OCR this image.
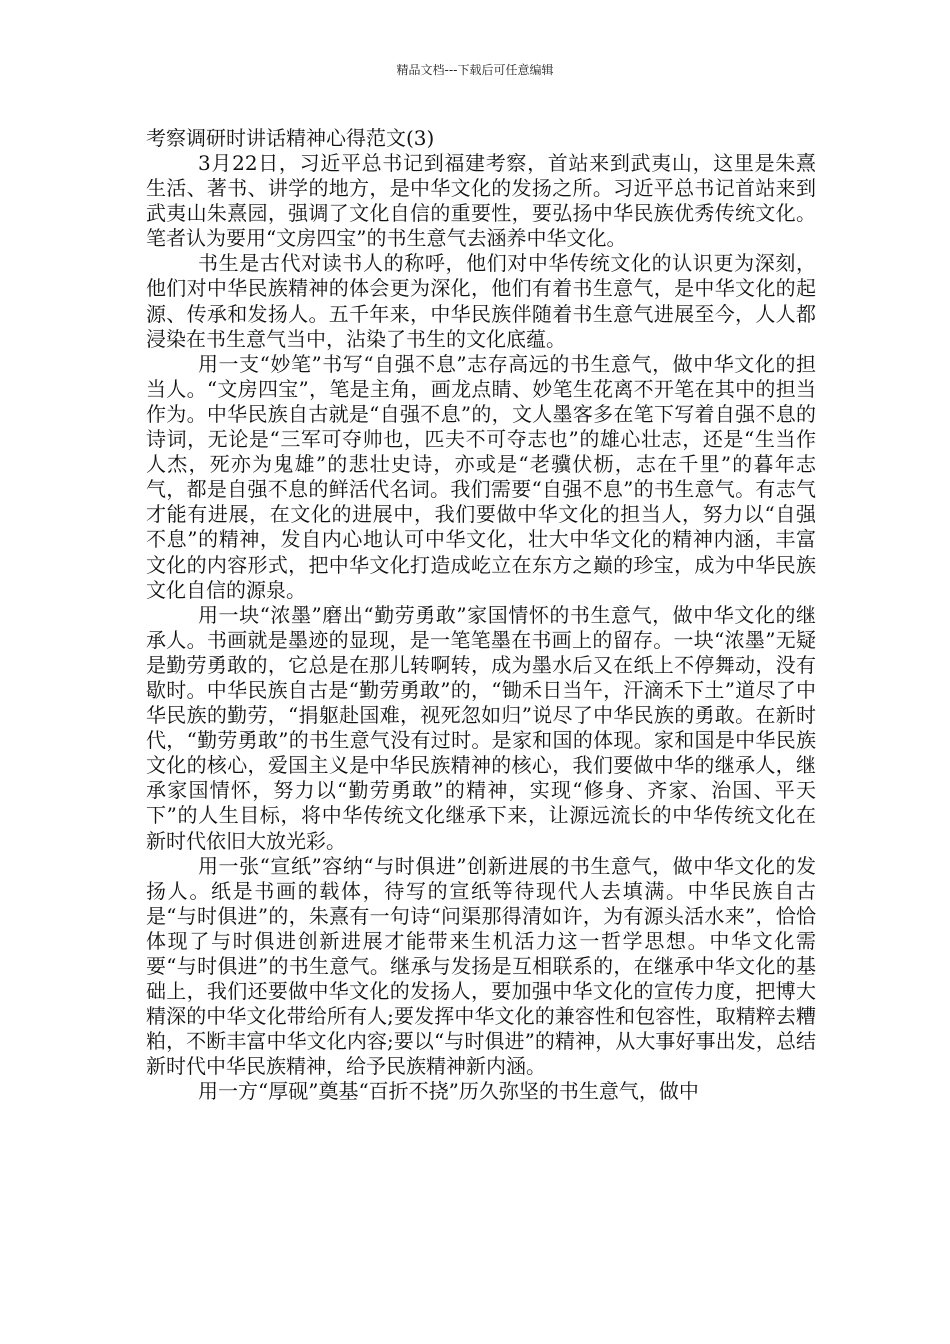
精品文档---下载后可任意编辑
考察调研时讲话精神心得范文(3)

3月22日，习近平总书记到福建考察，首站来到武夷山，这里是朱熹生活、著书、讲学的地方，是中华文化的发扬之所。习近平总书记首站来到武夷山朱熹园，强调了文化自信的重要性，要弘扬中华民族优秀传统文化。笔者认为要用“文房四宝”的书生意气去涵养中华文化。

书生是古代对读书人的称呼，他们对中华传统文化的认识更为深刻，他们对中华民族精神的体会更为深化，他们有着书生意气，是中华文化的起源、传承和发扬人。五千年来，中华民族伴随着书生意气进展至今，人人都浸染在书生意气当中，沾染了书生的文化底蕴。

用一支“妙笔”书写“自强不息”志存高远的书生意气，做中华文化的担当人。“文房四宝”，笔是主角，画龙点睛、妙笔生花离不开笔在其中的担当作为。中华民族自古就是“自强不息”的，文人墨客多在笔下写着自强不息的诗词，无论是“三军可夺帅也，匹夫不可夺志也”的雄心壮志，还是“生当作人杰，死亦为鬼雄”的悲壮史诗，亦或是“老骥伏枥，志在千里”的暮年志气，都是自强不息的鲜活代名词。我们需要“自强不息”的书生意气。有志气才能有进展，在文化的进展中，我们要做中华文化的担当人，努力以“自强不息”的精神，发自内心地认可中华文化，壮大中华文化的精神内涵，丰富文化的内容形式，把中华文化打造成屹立在东方之巅的珍宝，成为中华民族文化自信的源泉。

用一块“浓墨”磨出“勤劳勇敢”家国情怀的书生意气，做中华文化的继承人。书画就是墨迹的显现，是一笔笔墨在书画上的留存。一块“浓墨”无疑是勤劳勇敢的，它总是在那儿转啊转，成为墨水后又在纸上不停舞动，没有歇时。中华民族自古是“勤劳勇敢”的，“锄禾日当午，汗滴禾下土”道尽了中华民族的勤劳，“捐躯赴国难，视死忽如归”说尽了中华民族的勇敢。在新时代，“勤劳勇敢”的书生意气没有过时。是家和国的体现。家和国是中华民族文化的核心，爱国主义是中华民族精神的核心，我们要做中华的继承人，继承家国情怀，努力以“勤劳勇敢”的精神，实现“修身、齐家、治国、平天下”的人生目标，将中华传统文化继承下来，让源远流长的中华传统文化在新时代依旧大放光彩。

用一张“宣纸”容纳“与时俱进”创新进展的书生意气，做中华文化的发扬人。纸是书画的载体，待写的宣纸等待现代人去填满。中华民族自古是“与时俱进”的，朱熹有一句诗“问渠那得清如许，为有源头活水来”，恰恰体现了与时俱进创新进展才能带来生机活力这一哲学思想。中华文化需要“与时俱进”的书生意气。继承与发扬是互相联系的，在继承中华文化的基础上，我们还要做中华文化的发扬人，要加强中华文化的宣传力度，把博大精深的中华文化带给所有人;要发挥中华文化的兼容性和包容性，取精粹去糟粕，不断丰富中华文化内容;要以“与时俱进”的精神，从大事好事出发，总结新时代中华民族精神，给予民族精神新内涵。

用一方“厚砚”奠基“百折不挠”历久弥坚的书生意气，做中
